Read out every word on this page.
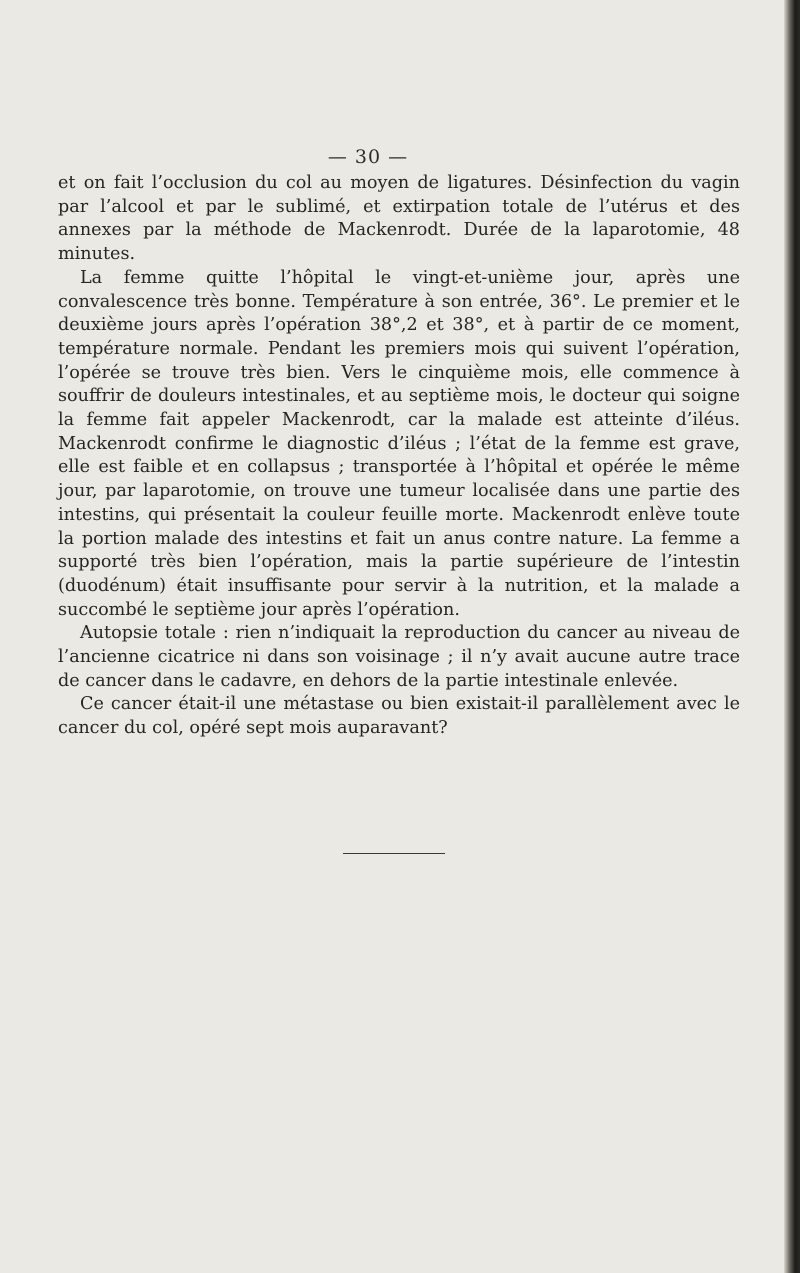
— 30 —

et on fait l’occlusion du col au moyen de ligatures. Désinfection du vagin par l’alcool et par le sublimé, et extirpation totale de l’utérus et des annexes par la méthode de Mackenrodt. Durée de la laparotomie, 48 minutes.

La femme quitte l’hôpital le vingt-et-unième jour, après une convalescence très bonne. Température à son entrée, 36°. Le premier et le deuxième jours après l’opération 38°,2 et 38°, et à partir de ce moment, température normale. Pendant les premiers mois qui suivent l’opération, l’opérée se trouve très bien. Vers le cinquième mois, elle commence à souffrir de douleurs intestinales, et au septième mois, le docteur qui soigne la femme fait appeler Mackenrodt, car la malade est atteinte d’iléus. Mackenrodt confirme le diagnostic d’iléus ; l’état de la femme est grave, elle est faible et en collapsus ; transportée à l’hôpital et opérée le même jour, par laparotomie, on trouve une tumeur localisée dans une partie des intestins, qui présentait la couleur feuille morte. Mackenrodt enlève toute la portion malade des intestins et fait un anus contre nature. La femme a supporté très bien l’opération, mais la partie supérieure de l’intestin (duodénum) était insuffisante pour servir à la nutrition, et la malade a succombé le septième jour après l’opération.

Autopsie totale : rien n’indiquait la reproduction du cancer au niveau de l’ancienne cicatrice ni dans son voisinage ; il n’y avait aucune autre trace de cancer dans le cadavre, en dehors de la partie intestinale enlevée.

Ce cancer était-il une métastase ou bien existait-il parallèlement avec le cancer du col, opéré sept mois auparavant?
